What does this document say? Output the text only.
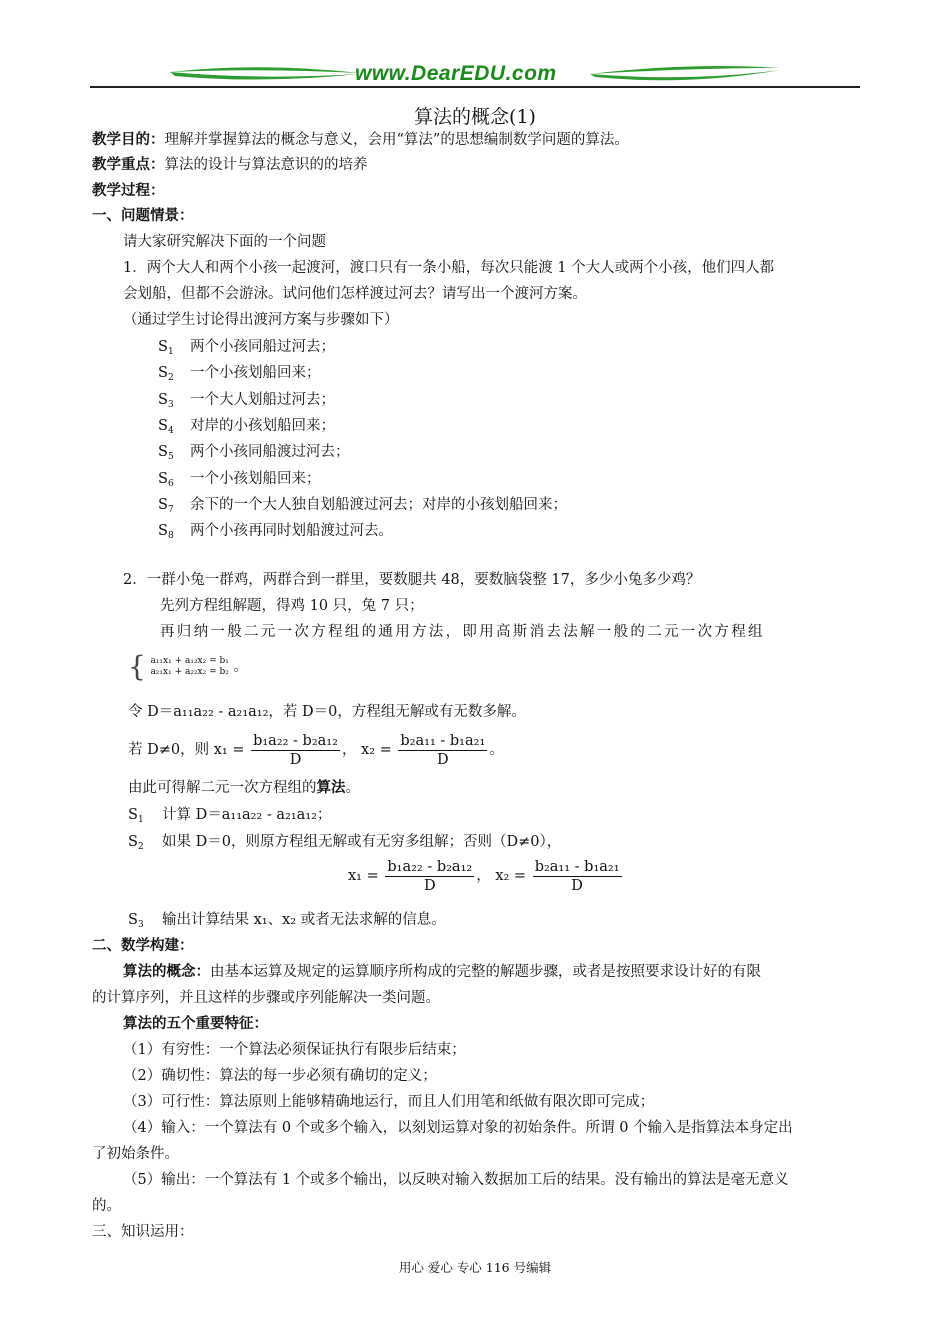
www.DearEDU.com
算法的概念(1)
教学目的：理解并掌握算法的概念与意义，会用“算法”的思想编制数学问题的算法。
教学重点：算法的设计与算法意识的的培养
教学过程：
一、问题情景：
请大家研究解决下面的一个问题
1．两个大人和两个小孩一起渡河，渡口只有一条小船，每次只能渡 1 个大人或两个小孩，他们四人都
会划船，但都不会游泳。试问他们怎样渡过河去？请写出一个渡河方案。
（通过学生讨论得出渡河方案与步骤如下）
$S_1$ 两个小孩同船过河去；
$S_2$ 一个小孩划船回来；
$S_3$ 一个大人划船过河去；
$S_4$ 对岸的小孩划船回来；
$S_5$ 两个小孩同船渡过河去；
$S_6$ 一个小孩划船回来；
$S_7$ 余下的一个大人独自划船渡过河去；对岸的小孩划船回来；
$S_8$ 两个小孩再同时划船渡过河去。
2．一群小兔一群鸡，两群合到一群里，要数腿共 48，要数脑袋整 17，多少小兔多少鸡？
先列方程组解题，得鸡 10 只，兔 7 只；
再归纳一般二元一次方程组的通用方法，即用高斯消去法解一般的二元一次方程组
{ a₁₁x₁ + a₁₂x₂ = b₁
a₂₁x₁ + a₂₂x₂ = b₂ 。
令 D＝a₁₁a₂₂ - a₂₁a₁₂，若 D＝0，方程组无解或有无数多解。
若 D≠0，则 $x_1 = \frac{\text{b₁a₂₂ - b₂a₁₂}}{D}$ ， $x_2 = \frac{\text{b₂a₁₁ - b₁a₂₁}}{D}$ 。
由此可得解二元一次方程组的算法。
$S_1$ 计算 D＝a₁₁a₂₂ - a₂₁a₁₂；
$S_2$ 如果 D＝0，则原方程组无解或有无穷多组解；否则（D≠0），
$x_1 = \frac{\text{b₁a₂₂ - b₂a₁₂}}{D}$ ， $x_2 = \frac{\text{b₂a₁₁ - b₁a₂₁}}{D}$
$S_3$ 输出计算结果 x₁、x₂ 或者无法求解的信息。
二、数学构建：
算法的概念：由基本运算及规定的运算顺序所构成的完整的解题步骤，或者是按照要求设计好的有限
的计算序列，并且这样的步骤或序列能解决一类问题。
算法的五个重要特征：
（1）有穷性：一个算法必须保证执行有限步后结束；
（2）确切性：算法的每一步必须有确切的定义；
（3）可行性：算法原则上能够精确地运行，而且人们用笔和纸做有限次即可完成；
（4）输入：一个算法有 0 个或多个输入，以刻划运算对象的初始条件。所谓 0 个输入是指算法本身定出
了初始条件。
（5）输出：一个算法有 1 个或多个输出，以反映对输入数据加工后的结果。没有输出的算法是毫无意义
的。
三、知识运用：
用心 爱心 专心 116 号编辑
